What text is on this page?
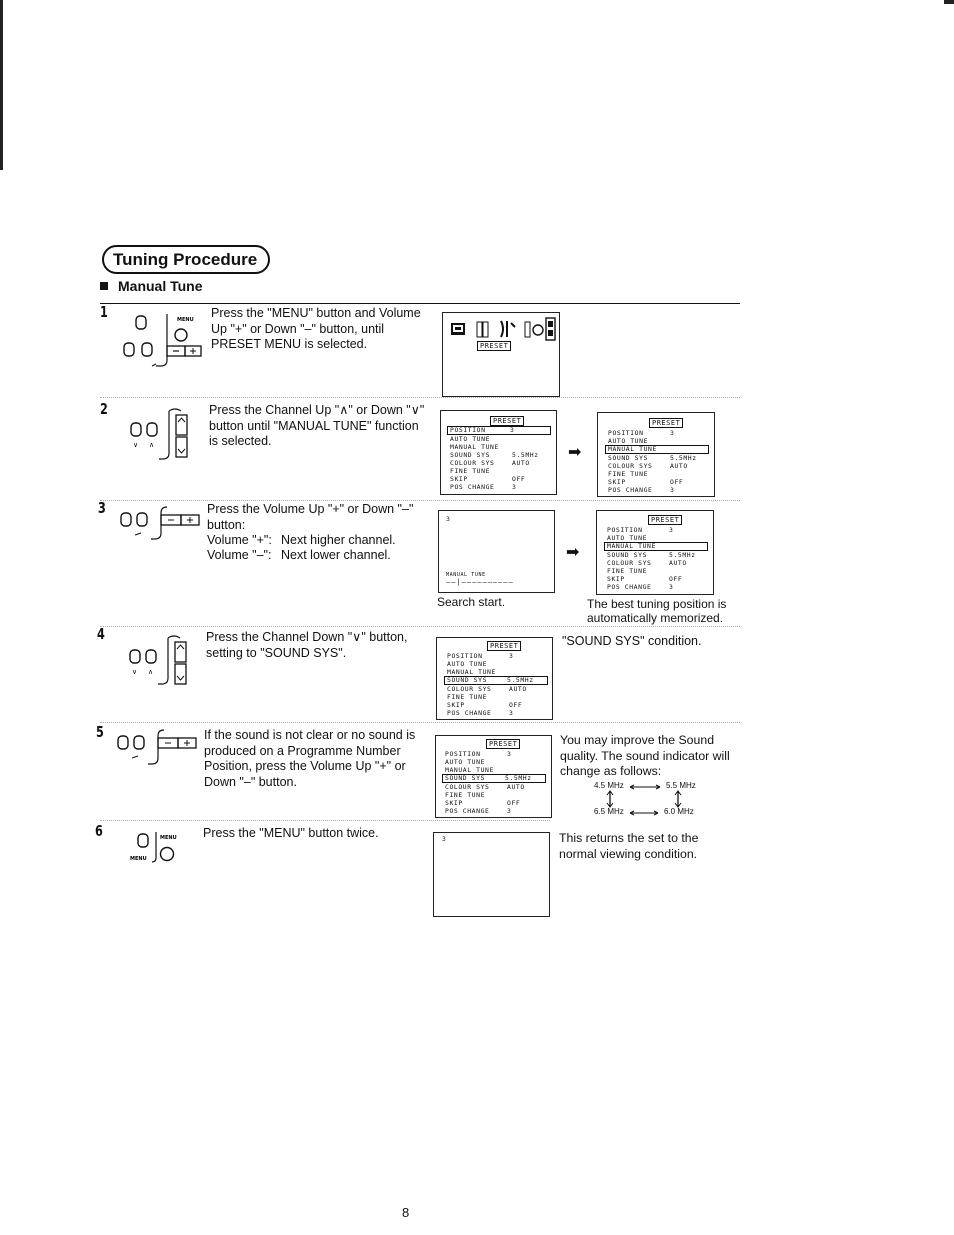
Tuning Procedure
Manual Tune
1	MENU Press the "MENU" button and Volume Up "+" or Down "–" button, until PRESET MENU is selected.	PRESET
2
∨ ∧
Press the Channel Up "∧" or Down "∨" button until "MANUAL TUNE" function is selected.
PRESET
POSITION	3
AUTO TUNE
MANUAL TUNE
SOUND SYS	5.5MHz
COLOUR SYS	AUTO
FINE TUNE
SKIP	OFF
POS CHANGE	3
➡
PRESET
POSITION	3
AUTO TUNE
MANUAL TUNE
SOUND SYS	5.5MHz
COLOUR SYS	AUTO
FINE TUNE
SKIP	OFF
POS CHANGE	3
3	Press the Volume Up "+" or Down "–" button:
Volume "+": Next higher channel.
Volume "–": Next lower channel.
3
MANUAL TUNE
––|––––––––––
Search start.
➡
PRESET
POSITION	3
AUTO TUNE
MANUAL TUNE
SOUND SYS	5.5MHz
COLOUR SYS	AUTO
FINE TUNE
SKIP	OFF
POS CHANGE	3
The best tuning position is automatically memorized.
4
∨ ∧
Press the Channel Down "∨" button, setting to "SOUND SYS".	PRESET
POSITION	3
AUTO TUNE
MANUAL TUNE
SOUND SYS	5.5MHz
COLOUR SYS	AUTO
FINE TUNE
SKIP	OFF
POS CHANGE	3
"SOUND SYS" condition.
5	If the sound is not clear or no sound is produced on a Programme Number Position, press the Volume Up "+" or Down "–" button.
PRESET
POSITION	3
AUTO TUNE
MANUAL TUNE
SOUND SYS	5.5MHz
COLOUR SYS	AUTO
FINE TUNE
SKIP	OFF
POS CHANGE	3
You may improve the Sound quality. The sound indicator will change as follows:
4.5 MHz	5.5 MHz
6.5 MHz	6.0 MHz
6	MENU
MENU
Press the "MENU" button twice.	3	This returns the set to the normal viewing condition.
8
